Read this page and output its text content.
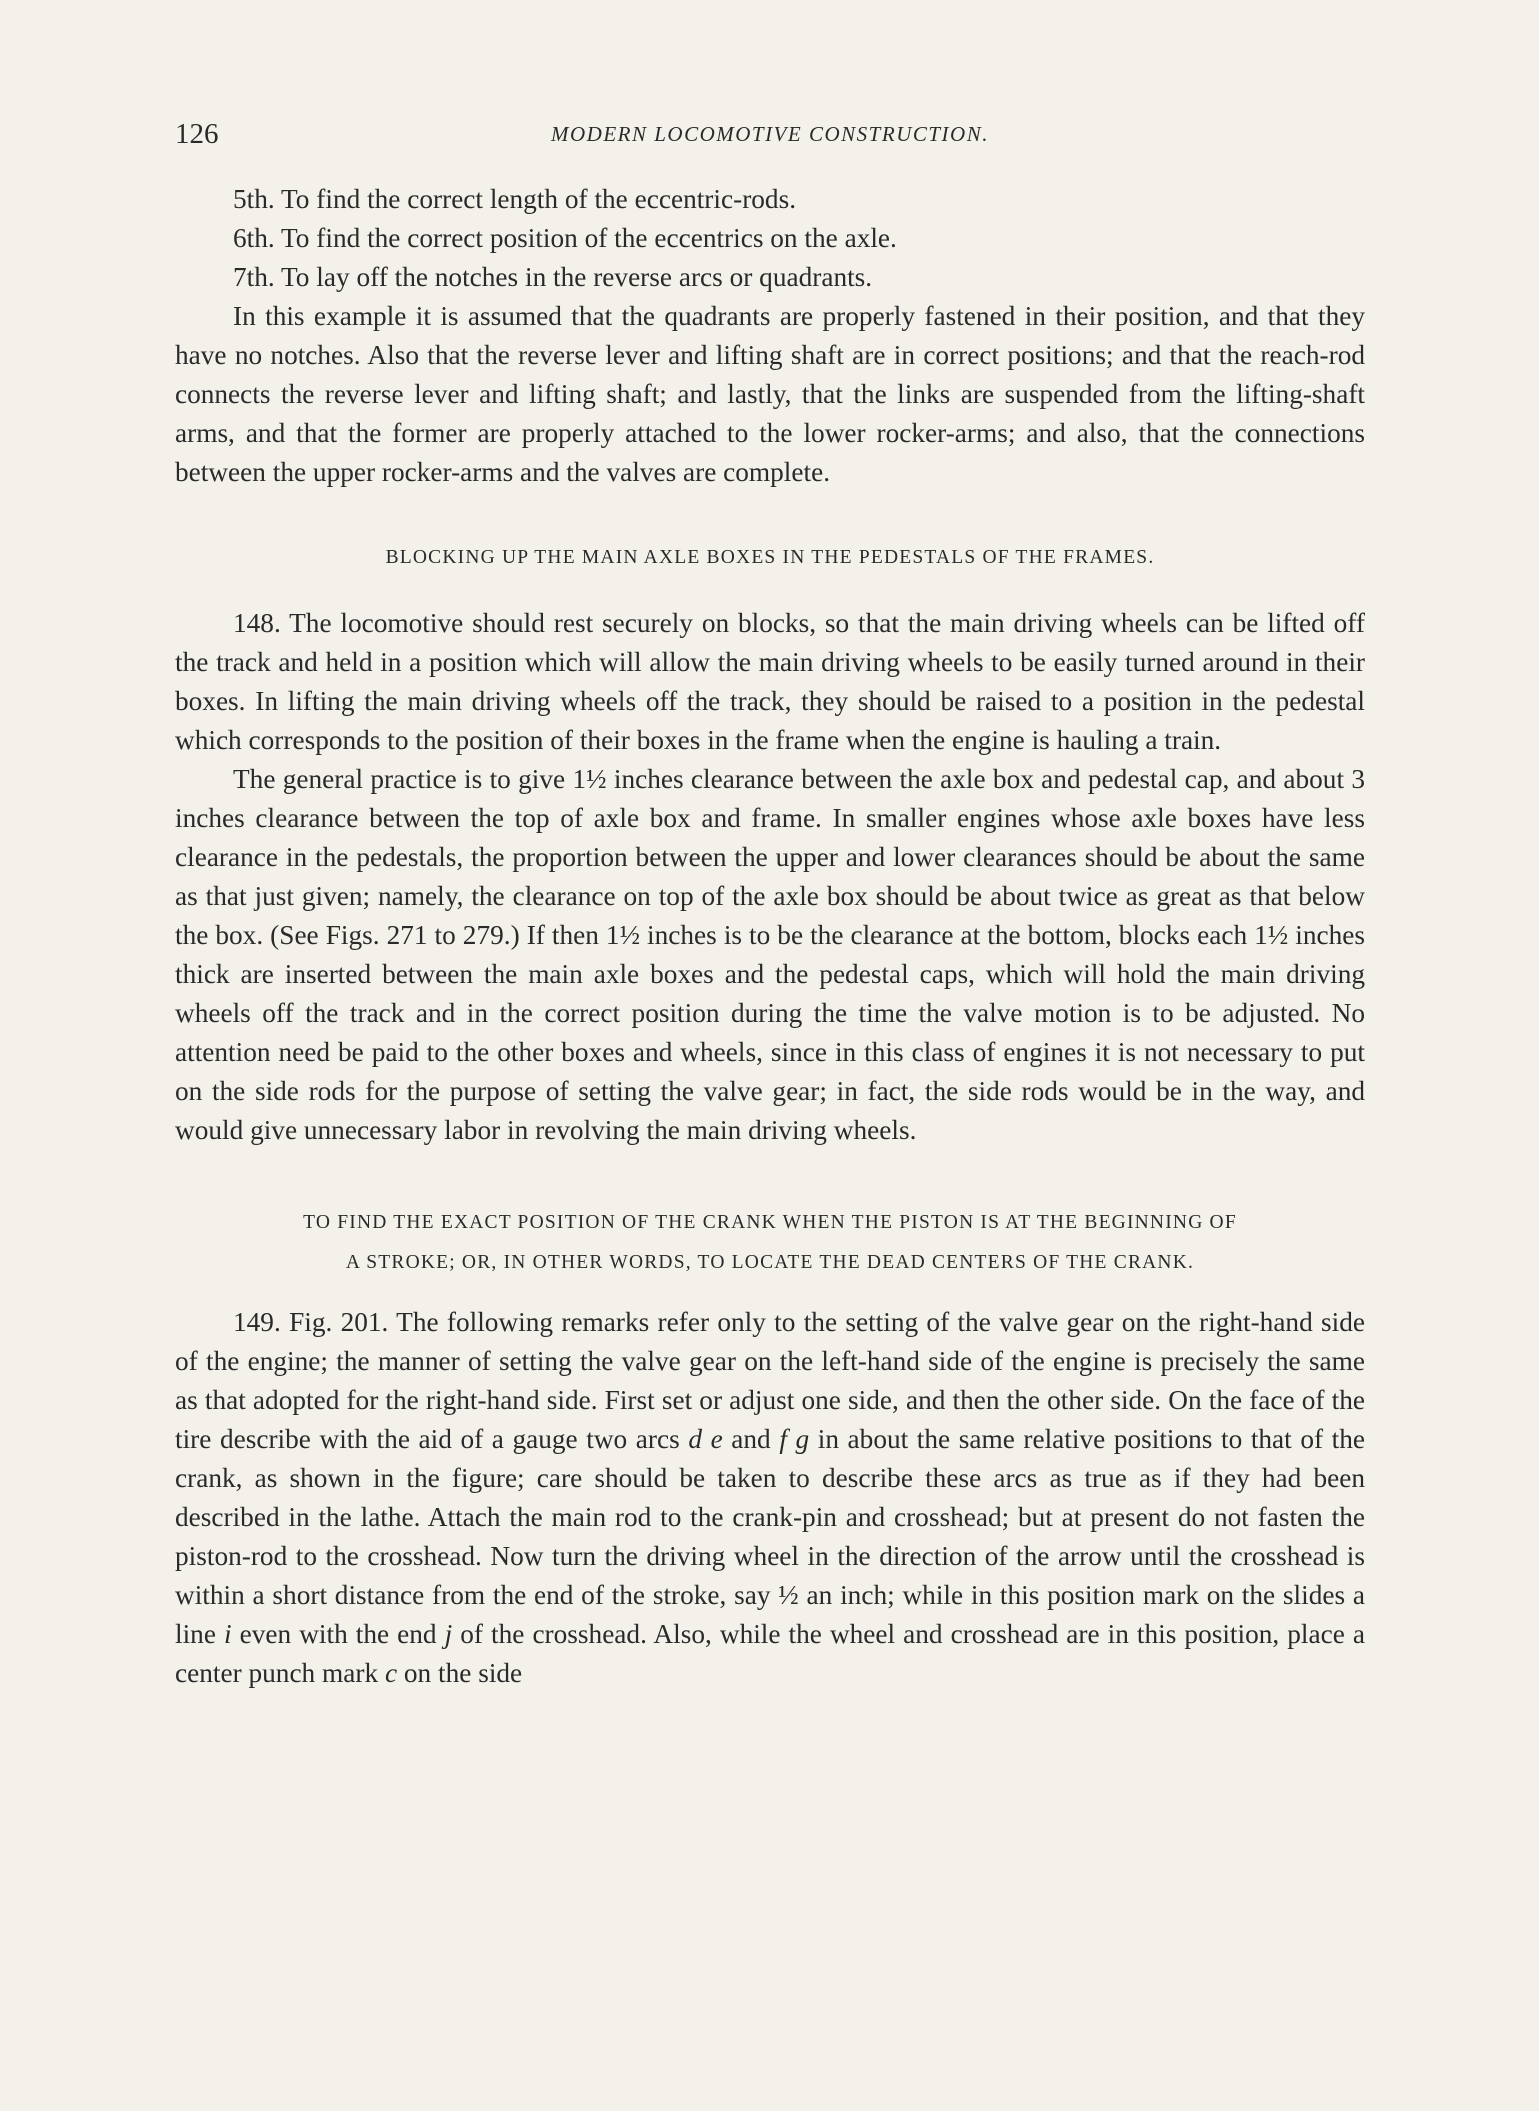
126	MODERN LOCOMOTIVE CONSTRUCTION.

5th. To find the correct length of the eccentric-rods.

6th. To find the correct position of the eccentrics on the axle.

7th. To lay off the notches in the reverse arcs or quadrants.

In this example it is assumed that the quadrants are properly fastened in their position, and that they have no notches. Also that the reverse lever and lifting shaft are in correct positions; and that the reach-rod connects the reverse lever and lifting shaft; and lastly, that the links are suspended from the lifting-shaft arms, and that the former are properly attached to the lower rocker-arms; and also, that the connections between the upper rocker-arms and the valves are complete.

BLOCKING UP THE MAIN AXLE BOXES IN THE PEDESTALS OF THE FRAMES.

148. The locomotive should rest securely on blocks, so that the main driving wheels can be lifted off the track and held in a position which will allow the main driving wheels to be easily turned around in their boxes. In lifting the main driving wheels off the track, they should be raised to a position in the pedestal which corresponds to the position of their boxes in the frame when the engine is hauling a train.

The general practice is to give 1½ inches clearance between the axle box and pedestal cap, and about 3 inches clearance between the top of axle box and frame. In smaller engines whose axle boxes have less clearance in the pedestals, the proportion between the upper and lower clearances should be about the same as that just given; namely, the clearance on top of the axle box should be about twice as great as that below the box. (See Figs. 271 to 279.) If then 1½ inches is to be the clearance at the bottom, blocks each 1½ inches thick are inserted between the main axle boxes and the pedestal caps, which will hold the main driving wheels off the track and in the correct position during the time the valve motion is to be adjusted. No attention need be paid to the other boxes and wheels, since in this class of engines it is not necessary to put on the side rods for the purpose of setting the valve gear; in fact, the side rods would be in the way, and would give unnecessary labor in revolving the main driving wheels.

TO FIND THE EXACT POSITION OF THE CRANK WHEN THE PISTON IS AT THE BEGINNING OF
A STROKE; OR, IN OTHER WORDS, TO LOCATE THE DEAD CENTERS OF THE CRANK.

149. Fig. 201. The following remarks refer only to the setting of the valve gear on the right-hand side of the engine; the manner of setting the valve gear on the left-hand side of the engine is precisely the same as that adopted for the right-hand side. First set or adjust one side, and then the other side. On the face of the tire describe with the aid of a gauge two arcs d e and f g in about the same relative positions to that of the crank, as shown in the figure; care should be taken to describe these arcs as true as if they had been described in the lathe. Attach the main rod to the crank-pin and crosshead; but at present do not fasten the piston-rod to the crosshead. Now turn the driving wheel in the direction of the arrow until the crosshead is within a short distance from the end of the stroke, say ½ an inch; while in this position mark on the slides a line i even with the end j of the crosshead. Also, while the wheel and crosshead are in this position, place a center punch mark c on the side
